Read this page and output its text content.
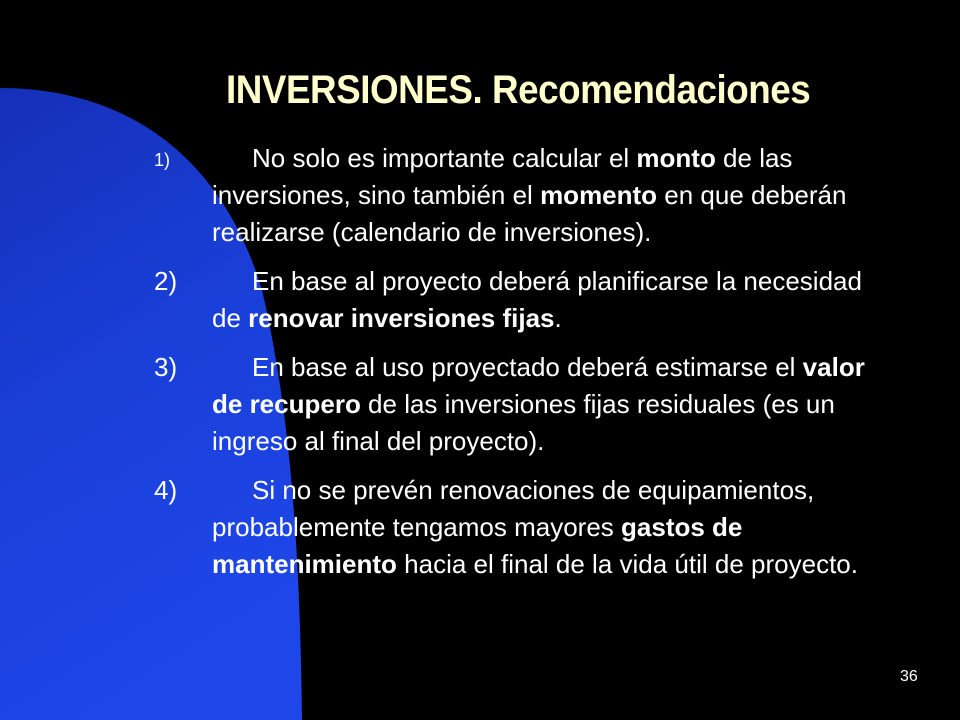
INVERSIONES. Recomendaciones
1)	No solo es importante calcular el monto de las inversiones, sino también el momento en que deberán realizarse (calendario de inversiones).
2)	En base al proyecto deberá planificarse la necesidad de renovar inversiones fijas.
3)	En base al uso proyectado deberá estimarse el valor de recupero de las inversiones fijas residuales (es un ingreso al final del proyecto).
4)	Si no se prevén renovaciones de equipamientos, probablemente tengamos mayores gastos de mantenimiento hacia el final de la vida útil de proyecto.
36
